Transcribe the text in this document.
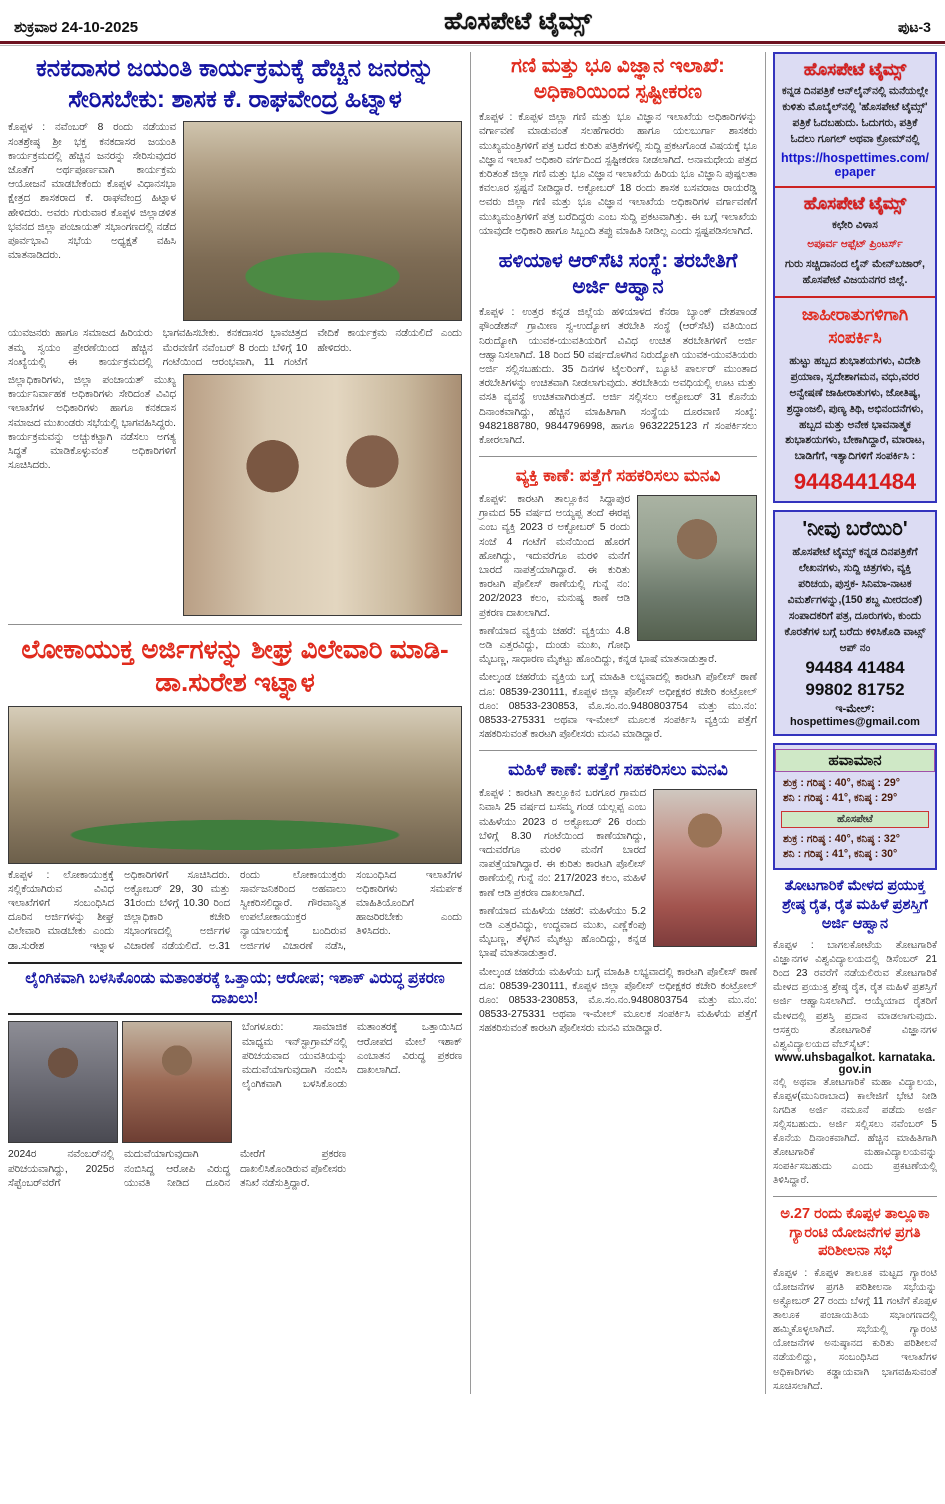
ಶುಕ್ರವಾರ 24-10-2025	ಹೊಸಪೇಟೆ ಟೈಮ್ಸ್	ಪುಟ-3
ಕನಕದಾಸರ ಜಯಂತಿ ಕಾರ್ಯಕ್ರಮಕ್ಕೆ ಹೆಚ್ಚಿನ ಜನರನ್ನು ಸೇರಿಸಬೇಕು: ಶಾಸಕ ಕೆ. ರಾಘವೇಂದ್ರ ಹಿಟ್ನಾಳ
ಕೊಪ್ಪಳ : ನವೆಂಬರ್ 8 ರಂದು ನಡೆಯುವ ಸಂತಶ್ರೇಷ್ಠ ಶ್ರೀ ಭಕ್ತ ಕನಕದಾಸರ ಜಯಂತಿ ಕಾರ್ಯಕ್ರಮದಲ್ಲಿ ಹೆಚ್ಚಿನ ಜನರನ್ನು ಸೇರಿಸುವುದರ ಜೊತೆಗೆ ಅರ್ಥಪೂರ್ಣವಾಗಿ ಕಾರ್ಯಕ್ರಮ ಆಯೋಜನೆ ಮಾಡಬೇಕೆಂದು ಕೊಪ್ಪಳ ವಿಧಾನಸಭಾ ಕ್ಷೇತ್ರದ ಶಾಸಕರಾದ ಕೆ. ರಾಘವೇಂದ್ರ ಹಿಟ್ನಾಳ ಹೇಳಿದರು. ಅವರು ಗುರುವಾರ ಕೊಪ್ಪಳ ಜಿಲ್ಲಾಡಳಿತ ಭವನದ ಜಿಲ್ಲಾ ಪಂಚಾಯತ್ ಸಭಾಂಗಣದಲ್ಲಿ ನಡೆದ ಪೂರ್ವಭಾವಿ ಸಭೆಯ ಅಧ್ಯಕ್ಷತೆ ವಹಿಸಿ ಮಾತನಾಡಿದರು.
ಯುವಜನರು ಹಾಗೂ ಸಮಾಜದ ಹಿರಿಯರು ತಮ್ಮ ಸ್ವಯಂ ಪ್ರೇರಣೆಯಿಂದ ಹೆಚ್ಚಿನ ಸಂಖ್ಯೆಯಲ್ಲಿ ಈ ಕಾರ್ಯಕ್ರಮದಲ್ಲಿ ಭಾಗವಹಿಸಬೇಕು. ಕನಕದಾಸರ ಭಾವಚಿತ್ರದ ಮೆರವಣಿಗೆ ನವೆಂಬರ್ 8 ರಂದು ಬೆಳಿಗ್ಗೆ 10 ಗಂಟೆಯಿಂದ ಆರಂಭವಾಗಿ, 11 ಗಂಟೆಗೆ ವೇದಿಕೆ ಕಾರ್ಯಕ್ರಮ ನಡೆಯಲಿದೆ ಎಂದು ಹೇಳಿದರು.
ಜಿಲ್ಲಾಧಿಕಾರಿಗಳು, ಜಿಲ್ಲಾ ಪಂಚಾಯತ್ ಮುಖ್ಯ ಕಾರ್ಯನಿರ್ವಾಹಕ ಅಧಿಕಾರಿಗಳು ಸೇರಿದಂತೆ ವಿವಿಧ ಇಲಾಖೆಗಳ ಅಧಿಕಾರಿಗಳು ಹಾಗೂ ಕನಕದಾಸ ಸಮಾಜದ ಮುಖಂಡರು ಸಭೆಯಲ್ಲಿ ಭಾಗವಹಿಸಿದ್ದರು. ಕಾರ್ಯಕ್ರಮವನ್ನು ಅಚ್ಚುಕಟ್ಟಾಗಿ ನಡೆಸಲು ಅಗತ್ಯ ಸಿದ್ಧತೆ ಮಾಡಿಕೊಳ್ಳುವಂತೆ ಅಧಿಕಾರಿಗಳಿಗೆ ಸೂಚಿಸಿದರು.
ಲೋಕಾಯುಕ್ತ ಅರ್ಜಿಗಳನ್ನು ಶೀಘ್ರ ವಿಲೇವಾರಿ ಮಾಡಿ-ಡಾ.ಸುರೇಶ ಇಟ್ನಾಳ
ಕೊಪ್ಪಳ : ಲೋಕಾಯುಕ್ತಕ್ಕೆ ಸಲ್ಲಿಕೆಯಾಗಿರುವ ವಿವಿಧ ಇಲಾಖೆಗಳಿಗೆ ಸಂಬಂಧಿಸಿದ ದೂರಿನ ಅರ್ಜಿಗಳನ್ನು ಶೀಘ್ರ ವಿಲೇವಾರಿ ಮಾಡಬೇಕು ಎಂದು ಡಾ.ಸುರೇಶ ಇಟ್ನಾಳ ಅಧಿಕಾರಿಗಳಿಗೆ ಸೂಚಿಸಿದರು. ಅಕ್ಟೋಬರ್ 29, 30 ಮತ್ತು 31ರಂದು ಬೆಳಿಗ್ಗೆ 10.30 ರಿಂದ ಜಿಲ್ಲಾಧಿಕಾರಿ ಕಚೇರಿ ಸಭಾಂಗಣದಲ್ಲಿ ಅರ್ಜಿಗಳ ವಿಚಾರಣೆ ನಡೆಯಲಿದೆ. ಅ.31 ರಂದು ಲೋಕಾಯುಕ್ತರು ಸಾರ್ವಜನಿಕರಿಂದ ಅಹವಾಲು ಸ್ವೀಕರಿಸಲಿದ್ದಾರೆ. ಗೌರವಾನ್ವಿತ ಉಪಲೋಕಾಯುಕ್ತರ ನ್ಯಾಯಾಲಯಕ್ಕೆ ಬಂದಿರುವ ಅರ್ಜಿಗಳ ವಿಚಾರಣೆ ನಡೆಸಿ, ಸಂಬಂಧಿಸಿದ ಇಲಾಖೆಗಳ ಅಧಿಕಾರಿಗಳು ಸಮರ್ಪಕ ಮಾಹಿತಿಯೊಂದಿಗೆ ಹಾಜರಿರಬೇಕು ಎಂದು ತಿಳಿಸಿದರು.
ಲೈಂಗಿಕವಾಗಿ ಬಳಸಿಕೊಂಡು ಮತಾಂತರಕ್ಕೆ ಒತ್ತಾಯ; ಆರೋಪ; ಇಶಾಕ್ ವಿರುದ್ಧ ಪ್ರಕರಣ ದಾಖಲು!
ಬೆಂಗಳೂರು: ಸಾಮಾಜಿಕ ಮಾಧ್ಯಮ ಇನ್‌ಸ್ಟಾಗ್ರಾಮ್‌ನಲ್ಲಿ ಪರಿಚಯವಾದ ಯುವತಿಯನ್ನು ಮದುವೆಯಾಗುವುದಾಗಿ ನಂಬಿಸಿ ಲೈಂಗಿಕವಾಗಿ ಬಳಸಿಕೊಂಡು ಮತಾಂತರಕ್ಕೆ ಒತ್ತಾಯಿಸಿದ ಆರೋಪದ ಮೇಲೆ ಇಶಾಕ್ ಎಂಬಾತನ ವಿರುದ್ಧ ಪ್ರಕರಣ ದಾಖಲಾಗಿದೆ.
2024ರ ನವೆಂಬರ್‌ನಲ್ಲಿ ಪರಿಚಯವಾಗಿದ್ದು, 2025ರ ಸೆಪ್ಟೆಂಬರ್‌ವರೆಗೆ ಮದುವೆಯಾಗುವುದಾಗಿ ನಂಬಿಸಿದ್ದ ಆರೋಪಿ ವಿರುದ್ಧ ಯುವತಿ ನೀಡಿದ ದೂರಿನ ಮೇರೆಗೆ ಪ್ರಕರಣ ದಾಖಲಿಸಿಕೊಂಡಿರುವ ಪೊಲೀಸರು ತನಿಖೆ ನಡೆಸುತ್ತಿದ್ದಾರೆ.
ಗಣಿ ಮತ್ತು ಭೂ ವಿಜ್ಞಾನ ಇಲಾಖೆ: ಅಧಿಕಾರಿಯಿಂದ ಸ್ಪಷ್ಟೀಕರಣ
ಕೊಪ್ಪಳ : ಕೊಪ್ಪಳ ಜಿಲ್ಲಾ ಗಣಿ ಮತ್ತು ಭೂ ವಿಜ್ಞಾನ ಇಲಾಖೆಯ ಅಧಿಕಾರಿಗಳನ್ನು ವರ್ಗಾವಣೆ ಮಾಡುವಂತೆ ಸಲಹೆಗಾರರು ಹಾಗೂ ಯಲಬುರ್ಗಾ ಶಾಸಕರು ಮುಖ್ಯಮಂತ್ರಿಗಳಿಗೆ ಪತ್ರ ಬರೆದ ಕುರಿತು ಪತ್ರಿಕೆಗಳಲ್ಲಿ ಸುದ್ದಿ ಪ್ರಕಟಗೊಂಡ ವಿಷಯಕ್ಕೆ ಭೂ ವಿಜ್ಞಾನ ಇಲಾಖೆ ಅಧಿಕಾರಿ ವರ್ಗದಿಂದ ಸ್ಪಷ್ಟೀಕರಣ ನೀಡಲಾಗಿದೆ. ಅನಾಮಧೇಯ ಪತ್ರದ ಕುರಿತಂತೆ ಜಿಲ್ಲಾ ಗಣಿ ಮತ್ತು ಭೂ ವಿಜ್ಞಾನ ಇಲಾಖೆಯ ಹಿರಿಯ ಭೂ ವಿಜ್ಞಾನಿ ಪುಷ್ಪಲತಾ ಕವಲೂರ ಸ್ಪಷ್ಟನೆ ನೀಡಿದ್ದಾರೆ. ಅಕ್ಟೋಬರ್ 18 ರಂದು ಶಾಸಕ ಬಸವರಾಜ ರಾಯರೆಡ್ಡಿ ಅವರು ಜಿಲ್ಲಾ ಗಣಿ ಮತ್ತು ಭೂ ವಿಜ್ಞಾನ ಇಲಾಖೆಯ ಅಧಿಕಾರಿಗಳ ವರ್ಗಾವಣೆಗೆ ಮುಖ್ಯಮಂತ್ರಿಗಳಿಗೆ ಪತ್ರ ಬರೆದಿದ್ದರು ಎಂಬ ಸುದ್ದಿ ಪ್ರಕಟವಾಗಿತ್ತು. ಈ ಬಗ್ಗೆ ಇಲಾಖೆಯ ಯಾವುದೇ ಅಧಿಕಾರಿ ಹಾಗೂ ಸಿಬ್ಬಂದಿ ತಪ್ಪು ಮಾಹಿತಿ ನೀಡಿಲ್ಲ ಎಂದು ಸ್ಪಷ್ಟಪಡಿಸಲಾಗಿದೆ.
ಹಳಿಯಾಳ ಆರ್‌ಸೆಟಿ ಸಂಸ್ಥೆ: ತರಬೇತಿಗೆ ಅರ್ಜಿ ಆಹ್ವಾನ
ಕೊಪ್ಪಳ : ಉತ್ತರ ಕನ್ನಡ ಜಿಲ್ಲೆಯ ಹಳಿಯಾಳದ ಕೆನರಾ ಬ್ಯಾಂಕ್ ದೇಶಪಾಂಡೆ ಫೌಂಡೇಶನ್ ಗ್ರಾಮೀಣ ಸ್ವ-ಉದ್ಯೋಗ ತರಬೇತಿ ಸಂಸ್ಥೆ (ಆರ್‌ಸೆಟಿ) ವತಿಯಿಂದ ನಿರುದ್ಯೋಗಿ ಯುವಕ-ಯುವತಿಯರಿಗೆ ವಿವಿಧ ಉಚಿತ ತರಬೇತಿಗಳಿಗೆ ಅರ್ಜಿ ಆಹ್ವಾನಿಸಲಾಗಿದೆ. 18 ರಿಂದ 50 ವರ್ಷದೊಳಗಿನ ನಿರುದ್ಯೋಗಿ ಯುವಕ-ಯುವತಿಯರು ಅರ್ಜಿ ಸಲ್ಲಿಸಬಹುದು. 35 ದಿನಗಳ ಟೈಲರಿಂಗ್, ಬ್ಯೂಟಿ ಪಾರ್ಲರ್ ಮುಂತಾದ ತರಬೇತಿಗಳನ್ನು ಉಚಿತವಾಗಿ ನೀಡಲಾಗುವುದು. ತರಬೇತಿಯ ಅವಧಿಯಲ್ಲಿ ಊಟ ಮತ್ತು ವಸತಿ ವ್ಯವಸ್ಥೆ ಉಚಿತವಾಗಿರುತ್ತದೆ. ಅರ್ಜಿ ಸಲ್ಲಿಸಲು ಅಕ್ಟೋಬರ್ 31 ಕೊನೆಯ ದಿನಾಂಕವಾಗಿದ್ದು, ಹೆಚ್ಚಿನ ಮಾಹಿತಿಗಾಗಿ ಸಂಸ್ಥೆಯ ದೂರವಾಣಿ ಸಂಖ್ಯೆ: 9482188780, 9844796998, ಹಾಗೂ 9632225123 ಗೆ ಸಂಪರ್ಕಿಸಲು ಕೋರಲಾಗಿದೆ.
ವ್ಯಕ್ತಿ ಕಾಣೆ: ಪತ್ತೆಗೆ ಸಹಕರಿಸಲು ಮನವಿ
ಕೊಪ್ಪಳ: ಕಾರಟಗಿ ತಾಲ್ಲೂಕಿನ ಸಿದ್ದಾಪುರ ಗ್ರಾಮದ 55 ವರ್ಷದ ಅಯ್ಯಪ್ಪ ತಂದೆ ಈರಪ್ಪ ಎಂಬ ವ್ಯಕ್ತಿ 2023 ರ ಅಕ್ಟೋಬರ್ 5 ರಂದು ಸಂಜೆ 4 ಗಂಟೆಗೆ ಮನೆಯಿಂದ ಹೊರಗೆ ಹೋಗಿದ್ದು, ಇದುವರೆಗೂ ಮರಳಿ ಮನೆಗೆ ಬಾರದೆ ನಾಪತ್ತೆಯಾಗಿದ್ದಾರೆ. ಈ ಕುರಿತು ಕಾರಟಗಿ ಪೊಲೀಸ್ ಠಾಣೆಯಲ್ಲಿ ಗುನ್ನೆ ನಂ: 202/2023 ಕಲಂ, ಮನುಷ್ಯ ಕಾಣೆ ಆಡಿ ಪ್ರಕರಣ ದಾಖಲಾಗಿದೆ.
ಕಾಣೆಯಾದ ವ್ಯಕ್ತಿಯ ಚಹರೆ: ವ್ಯಕ್ತಿಯು 4.8 ಅಡಿ ಎತ್ತರವಿದ್ದು, ದುಂಡು ಮುಖ, ಗೋಧಿ ಮೈಬಣ್ಣ, ಸಾಧಾರಣ ಮೈಕಟ್ಟು ಹೊಂದಿದ್ದು, ಕನ್ನಡ ಭಾಷೆ ಮಾತನಾಡುತ್ತಾರೆ.
ಮೇಲ್ಕಂಡ ಚಹರೆಯ ವ್ಯಕ್ತಿಯ ಬಗ್ಗೆ ಮಾಹಿತಿ ಲಭ್ಯವಾದಲ್ಲಿ ಕಾರಟಗಿ ಪೊಲೀಸ್ ಠಾಣೆ ದೂ: 08539-230111, ಕೊಪ್ಪಳ ಜಿಲ್ಲಾ ಪೊಲೀಸ್ ಅಧೀಕ್ಷಕರ ಕಚೇರಿ ಕಂಟ್ರೋಲ್ ರೂಂ: 08533-230853, ಮೊ.ಸಂ.ನಂ.9480803754 ಮತ್ತು ಮು.ನಂ: 08533-275331 ಅಥವಾ ಇ-ಮೇಲ್ ಮೂಲಕ ಸಂಪರ್ಕಿಸಿ ವ್ಯಕ್ತಿಯ ಪತ್ತೆಗೆ ಸಹಕರಿಸುವಂತೆ ಕಾರಟಗಿ ಪೊಲೀಸರು ಮನವಿ ಮಾಡಿದ್ದಾರೆ.
ಮಹಿಳೆ ಕಾಣೆ: ಪತ್ತೆಗೆ ಸಹಕರಿಸಲು ಮನವಿ
ಕೊಪ್ಪಳ : ಕಾರಟಗಿ ತಾಲ್ಲೂಕಿನ ಬರಗೂರ ಗ್ರಾಮದ ನಿವಾಸಿ 25 ವರ್ಷದ ಬಸಮ್ಮ ಗಂಡ ಯಲ್ಲಪ್ಪ ಎಂಬ ಮಹಿಳೆಯು 2023 ರ ಅಕ್ಟೋಬರ್ 26 ರಂದು ಬೆಳಿಗ್ಗೆ 8.30 ಗಂಟೆಯಿಂದ ಕಾಣೆಯಾಗಿದ್ದು, ಇದುವರೆಗೂ ಮರಳಿ ಮನೆಗೆ ಬಾರದೆ ನಾಪತ್ತೆಯಾಗಿದ್ದಾರೆ. ಈ ಕುರಿತು ಕಾರಟಗಿ ಪೊಲೀಸ್ ಠಾಣೆಯಲ್ಲಿ ಗುನ್ನೆ ನಂ: 217/2023 ಕಲಂ, ಮಹಿಳೆ ಕಾಣೆ ಆಡಿ ಪ್ರಕರಣ ದಾಖಲಾಗಿದೆ.
ಕಾಣೆಯಾದ ಮಹಿಳೆಯ ಚಹರೆ: ಮಹಿಳೆಯು 5.2 ಅಡಿ ಎತ್ತರವಿದ್ದು, ಉದ್ದವಾದ ಮುಖ, ಎಣ್ಣೆಕೆಂಪು ಮೈಬಣ್ಣ, ತೆಳ್ಳಗಿನ ಮೈಕಟ್ಟು ಹೊಂದಿದ್ದು, ಕನ್ನಡ ಭಾಷೆ ಮಾತನಾಡುತ್ತಾರೆ.
ಮೇಲ್ಕಂಡ ಚಹರೆಯ ಮಹಿಳೆಯ ಬಗ್ಗೆ ಮಾಹಿತಿ ಲಭ್ಯವಾದಲ್ಲಿ ಕಾರಟಗಿ ಪೊಲೀಸ್ ಠಾಣೆ ದೂ: 08539-230111, ಕೊಪ್ಪಳ ಜಿಲ್ಲಾ ಪೊಲೀಸ್ ಅಧೀಕ್ಷಕರ ಕಚೇರಿ ಕಂಟ್ರೋಲ್ ರೂಂ: 08533-230853, ಮೊ.ಸಂ.ನಂ.9480803754 ಮತ್ತು ಮು.ನಂ: 08533-275331 ಅಥವಾ ಇ-ಮೇಲ್ ಮೂಲಕ ಸಂಪರ್ಕಿಸಿ ಮಹಿಳೆಯ ಪತ್ತೆಗೆ ಸಹಕರಿಸುವಂತೆ ಕಾರಟಗಿ ಪೊಲೀಸರು ಮನವಿ ಮಾಡಿದ್ದಾರೆ.
ಹೊಸಪೇಟೆ ಟೈಮ್ಸ್
ಕನ್ನಡ ದಿನಪತ್ರಿಕೆ ಆನ್‌ಲೈನ್‌ನಲ್ಲಿ ಮನೆಯಲ್ಲೇ ಕುಳಿತು ಮೊಬೈಲ್‌ನಲ್ಲಿ 'ಹೊಸಪೇಟೆ ಟೈಮ್ಸ್' ಪತ್ರಿಕೆ ಓದಬಹುದು. ಓದುಗರು, ಪತ್ರಿಕೆ ಓದಲು ಗೂಗಲ್ ಅಥವಾ ಕ್ರೋಮ್‌ನಲ್ಲಿ
https://hospettimes.com/ epaper
ಹೊಸಪೇಟೆ ಟೈಮ್ಸ್
ಕಛೇರಿ ವಿಳಾಸ
ಅಪೂರ್ವ ಆಫ್ಸೆಟ್ ಪ್ರಿಂಟರ್ಸ್
ಗುರು ಸಚ್ಚಿದಾನಂದ ಲೈನ್ ಮೇನ್‌ಬಜಾರ್, ಹೊಸಪೇಟೆ ವಿಜಯನಗರ ಜಿಲ್ಲೆ.
ಜಾಹೀರಾತುಗಳಿಗಾಗಿ ಸಂಪರ್ಕಿಸಿ
ಹುಟ್ಟು ಹಬ್ಬದ ಶುಭಾಶಯಗಳು, ವಿದೇಶಿ ಪ್ರಯಾಣ, ಸ್ವದೇಶಾಗಮನ, ವಧು,ವರರ ಅನ್ವೇಷಣೆ ಜಾಹೀರಾತುಗಳು, ಜೋತಿಷ್ಯ, ಶ್ರದ್ಧಾಂಜಲಿ, ಪುಣ್ಯ ತಿಥಿ, ಅಭಿನಂದನೆಗಳು, ಹಬ್ಬದ ಮತ್ತು ಅನೇಕ ಭಾವನಾತ್ಮಕ ಶುಭಾಶಯಗಳು, ಬೇಕಾಗಿದ್ದಾರೆ, ಮಾರಾಟ, ಬಾಡಿಗೆಗೆ, ಇತ್ಯಾದಿಗಳಿಗೆ ಸಂಪರ್ಕಿಸಿ :
9448441484
'ನೀವು ಬರೆಯಿರಿ'
ಹೊಸಪೇಟೆ ಟೈಮ್ಸ್ ಕನ್ನಡ ದಿನಪತ್ರಿಕೆಗೆ ಲೇಖನಗಳು, ಸುದ್ದಿ ಚಿತ್ರಗಳು, ವ್ಯಕ್ತಿ ಪರಿಚಯ, ಪುಸ್ತಕ- ಸಿನಿಮಾ-ನಾಟಕ ವಿಮರ್ಶೆಗಳನ್ನು,(150 ಶಬ್ದ ಮೀರದಂತೆ) ಸಂಪಾದಕರಿಗೆ ಪತ್ರ, ದೂರುಗಳು, ಕುಂದು ಕೊರತೆಗಳ ಬಗ್ಗೆ ಬರೆದು ಕಳಿಸಿಕೊಡಿ ವಾಟ್ಸ್ ಆಪ್ ನಂ
94484 41484
99802 81752
ಇ-ಮೇಲ್: hospettimes@gmail.com
ಹವಾಮಾನ
ಶುಕ್ರ : ಗರಿಷ್ಠ : 40°, ಕನಿಷ್ಠ : 29°
ಶನಿ : ಗರಿಷ್ಠ : 41°, ಕನಿಷ್ಠ : 29°
ಹೊಸಪೇಟೆ
ಶುಕ್ರ : ಗರಿಷ್ಠ : 40°, ಕನಿಷ್ಠ : 32°
ಶನಿ : ಗರಿಷ್ಠ : 41°, ಕನಿಷ್ಠ : 30°
ತೋಟಗಾರಿಕೆ ಮೇಳದ ಪ್ರಯುಕ್ತ ಶ್ರೇಷ್ಠ ರೈತ, ರೈತ ಮಹಿಳೆ ಪ್ರಶಸ್ತಿಗೆ ಅರ್ಜಿ ಆಹ್ವಾನ
ಕೊಪ್ಪಳ : ಬಾಗಲಕೋಟೆಯ ತೋಟಗಾರಿಕೆ ವಿಜ್ಞಾನಗಳ ವಿಶ್ವವಿದ್ಯಾಲಯದಲ್ಲಿ ಡಿಸೆಂಬರ್ 21 ರಿಂದ 23 ರವರೆಗೆ ನಡೆಯಲಿರುವ ತೋಟಗಾರಿಕೆ ಮೇಳದ ಪ್ರಯುಕ್ತ ಶ್ರೇಷ್ಠ ರೈತ, ರೈತ ಮಹಿಳೆ ಪ್ರಶಸ್ತಿಗೆ ಅರ್ಜಿ ಆಹ್ವಾನಿಸಲಾಗಿದೆ. ಆಯ್ಕೆಯಾದ ರೈತರಿಗೆ ಮೇಳದಲ್ಲಿ ಪ್ರಶಸ್ತಿ ಪ್ರದಾನ ಮಾಡಲಾಗುವುದು. ಆಸಕ್ತರು ತೋಟಗಾರಿಕೆ ವಿಜ್ಞಾನಗಳ ವಿಶ್ವವಿದ್ಯಾಲಯದ ವೆಬ್‌ಸೈಟ್:
www.uhsbagalkot. karnataka.gov.in
ನಲ್ಲಿ ಅಥವಾ ತೋಟಗಾರಿಕೆ ಮಹಾ ವಿದ್ಯಾಲಯ, ಕೊಪ್ಪಳ(ಮುನಿರಾಬಾದ) ಕಾಲೇಜಿಗೆ ಭೇಟಿ ನೀಡಿ ನಿಗದಿತ ಅರ್ಜಿ ನಮೂನೆ ಪಡೆದು ಅರ್ಜಿ ಸಲ್ಲಿಸಬಹುದು. ಅರ್ಜಿ ಸಲ್ಲಿಸಲು ನವೆಂಬರ್ 5 ಕೊನೆಯ ದಿನಾಂಕವಾಗಿದೆ. ಹೆಚ್ಚಿನ ಮಾಹಿತಿಗಾಗಿ ತೋಟಗಾರಿಕೆ ಮಹಾವಿದ್ಯಾಲಯವನ್ನು ಸಂಪರ್ಕಿಸಬಹುದು ಎಂದು ಪ್ರಕಟಣೆಯಲ್ಲಿ ತಿಳಿಸಿದ್ದಾರೆ.
ಅ.27 ರಂದು ಕೊಪ್ಪಳ ತಾಲ್ಲೂಕಾ ಗ್ಯಾರಂಟಿ ಯೋಜನೆಗಳ ಪ್ರಗತಿ ಪರಿಶೀಲನಾ ಸಭೆ
ಕೊಪ್ಪಳ : ಕೊಪ್ಪಳ ತಾಲೂಕ ಮಟ್ಟದ ಗ್ಯಾರಂಟಿ ಯೋಜನೆಗಳ ಪ್ರಗತಿ ಪರಿಶೀಲನಾ ಸಭೆಯನ್ನು ಅಕ್ಟೋಬರ್ 27 ರಂದು ಬೆಳಗ್ಗೆ 11 ಗಂಟೆಗೆ ಕೊಪ್ಪಳ ತಾಲೂಕ ಪಂಚಾಯತಿಯ ಸಭಾಂಗಣದಲ್ಲಿ ಹಮ್ಮಿಕೊಳ್ಳಲಾಗಿದೆ. ಸಭೆಯಲ್ಲಿ ಗ್ಯಾರಂಟಿ ಯೋಜನೆಗಳ ಅನುಷ್ಠಾನದ ಕುರಿತು ಪರಿಶೀಲನೆ ನಡೆಯಲಿದ್ದು, ಸಂಬಂಧಿಸಿದ ಇಲಾಖೆಗಳ ಅಧಿಕಾರಿಗಳು ಕಡ್ಡಾಯವಾಗಿ ಭಾಗವಹಿಸುವಂತೆ ಸೂಚಿಸಲಾಗಿದೆ.
